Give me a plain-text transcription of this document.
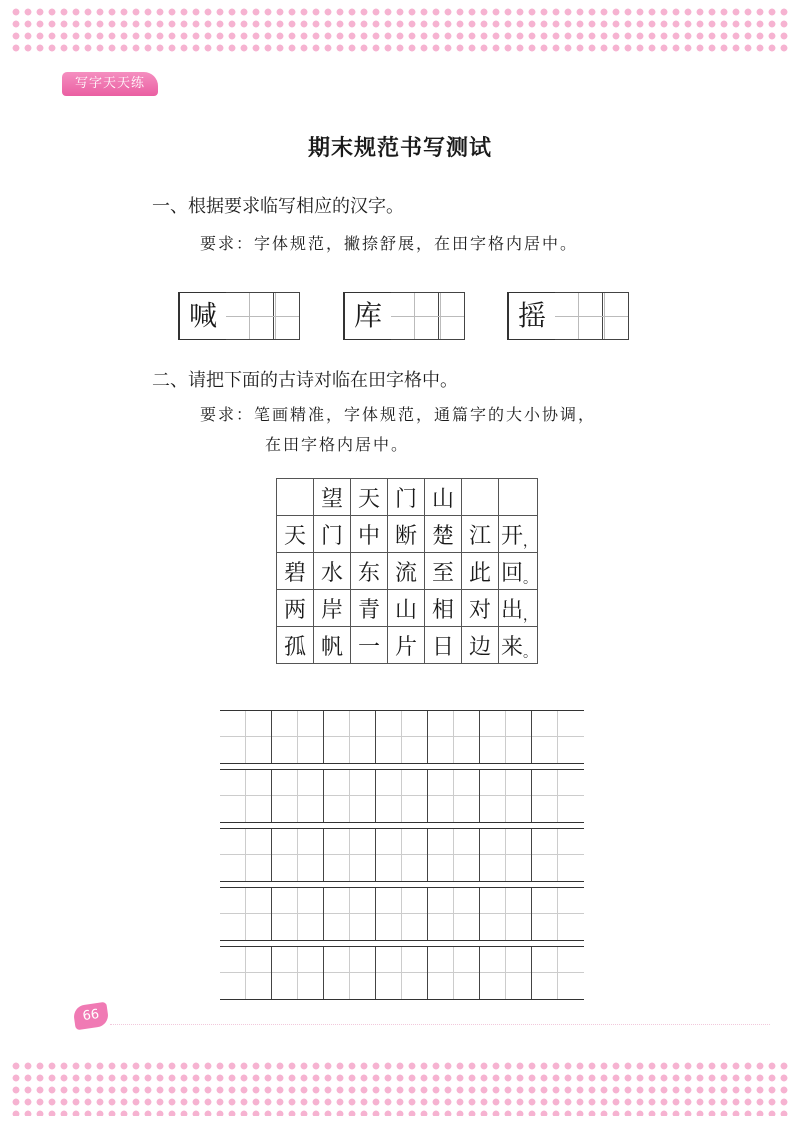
写字天天练
期末规范书写测试
一、根据要求临写相应的汉字。
要求：字体规范，撇捺舒展，在田字格内居中。
喊	库	摇
二、请把下面的古诗对临在田字格中。
要求：笔画精准，字体规范，通篇字的大小协调，
在田字格内居中。
	望	天	门	山		
天	门	中	断	楚	江	开 ，

碧	水	东	流	至	此	回 。

两	岸	青	山	相	对	出 ，

孤	帆	一	片	日	边	来 。
66
